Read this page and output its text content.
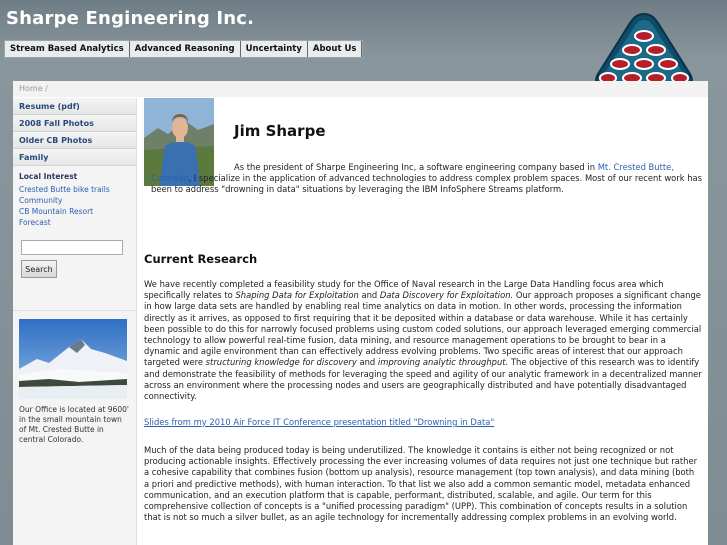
Sharpe Engineering Inc.
Stream Based Analytics	Advanced Reasoning	Uncertainty	About Us
Home /
Resume (pdf)
2008 Fall Photos
Older CB Photos
Family
Local Interest
Crested Butte bike trails
Community
CB Mountain Resort
Forecast
Search
Our Office is located at 9600' in the small mountain town of Mt. Crested Butte in central Colorado.
Jim Sharpe
As the president of Sharpe Engineering Inc, a software engineering company based in Mt. Crested Butte, Colorado, I specialize in the application of advanced technologies to address complex problem spaces. Most of our recent work has been to address "drowning in data" situations by leveraging the IBM InfoSphere Streams platform.
Current Research

We have recently completed a feasibility study for the Office of Naval research in the Large Data Handling focus area which specifically relates to Shaping Data for Exploitation and Data Discovery for Exploitation. Our approach proposes a significant change in how large data sets are handled by enabling real time analytics on data in motion. In other words, processing the information directly as it arrives, as opposed to first requiring that it be deposited within a database or data warehouse. While it has certainly been possible to do this for narrowly focused problems using custom coded solutions, our approach leveraged emerging commercial technology to allow powerful real-time fusion, data mining, and resource management operations to be brought to bear in a dynamic and agile environment than can effectively address evolving problems. Two specific areas of interest that our approach targeted were structuring knowledge for discovery and improving analytic throughput. The objective of this research was to identify and demonstrate the feasibility of methods for leveraging the speed and agility of our analytic framework in a decentralized manner across an environment where the processing nodes and users are geographically distributed and have potentially disadvantaged connectivity.

Slides from my 2010 Air Force IT Conference presentation titled "Drowning in Data"

Much of the data being produced today is being underutilized. The knowledge it contains is either not being recognized or not producing actionable insights. Effectively processing the ever increasing volumes of data requires not just one technique but rather a cohesive capability that combines fusion (bottom up analysis), resource management (top town analysis), and data mining (both a priori and predictive methods), with human interaction. To that list we also add a common semantic model, metadata enhanced communication, and an execution platform that is capable, performant, distributed, scalable, and agile. Our term for this comprehensive collection of concepts is a "unified processing paradigm" (UPP). This combination of concepts results in a solution that is not so much a silver bullet, as an agile technology for incrementally addressing complex problems in an evolving world.
